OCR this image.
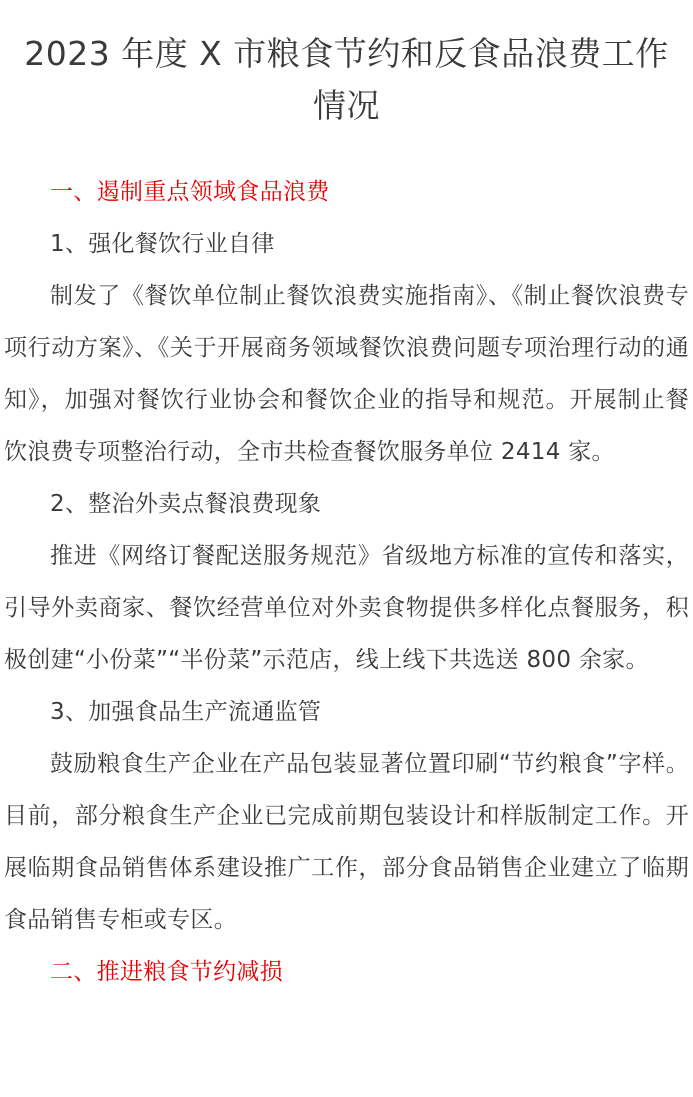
2023 年度 X 市粮食节约和反食品浪费工作
情况

一、遏制重点领域食品浪费

1、强化餐饮行业自律

制发了《餐饮单位制止餐饮浪费实施指南》、《制止餐饮浪费专项行动方案》、《关于开展商务领域餐饮浪费问题专项治理行动的通知》，加强对餐饮行业协会和餐饮企业的指导和规范。开展制止餐饮浪费专项整治行动，全市共检查餐饮服务单位 2414 家。

2、整治外卖点餐浪费现象

推进《网络订餐配送服务规范》省级地方标准的宣传和落实，引导外卖商家、餐饮经营单位对外卖食物提供多样化点餐服务，积极创建“小份菜”“半份菜”示范店，线上线下共选送 800 余家。

3、加强食品生产流通监管

鼓励粮食生产企业在产品包装显著位置印刷“节约粮食”字样。目前，部分粮食生产企业已完成前期包装设计和样版制定工作。开展临期食品销售体系建设推广工作，部分食品销售企业建立了临期食品销售专柜或专区。

二、推进粮食节约减损
